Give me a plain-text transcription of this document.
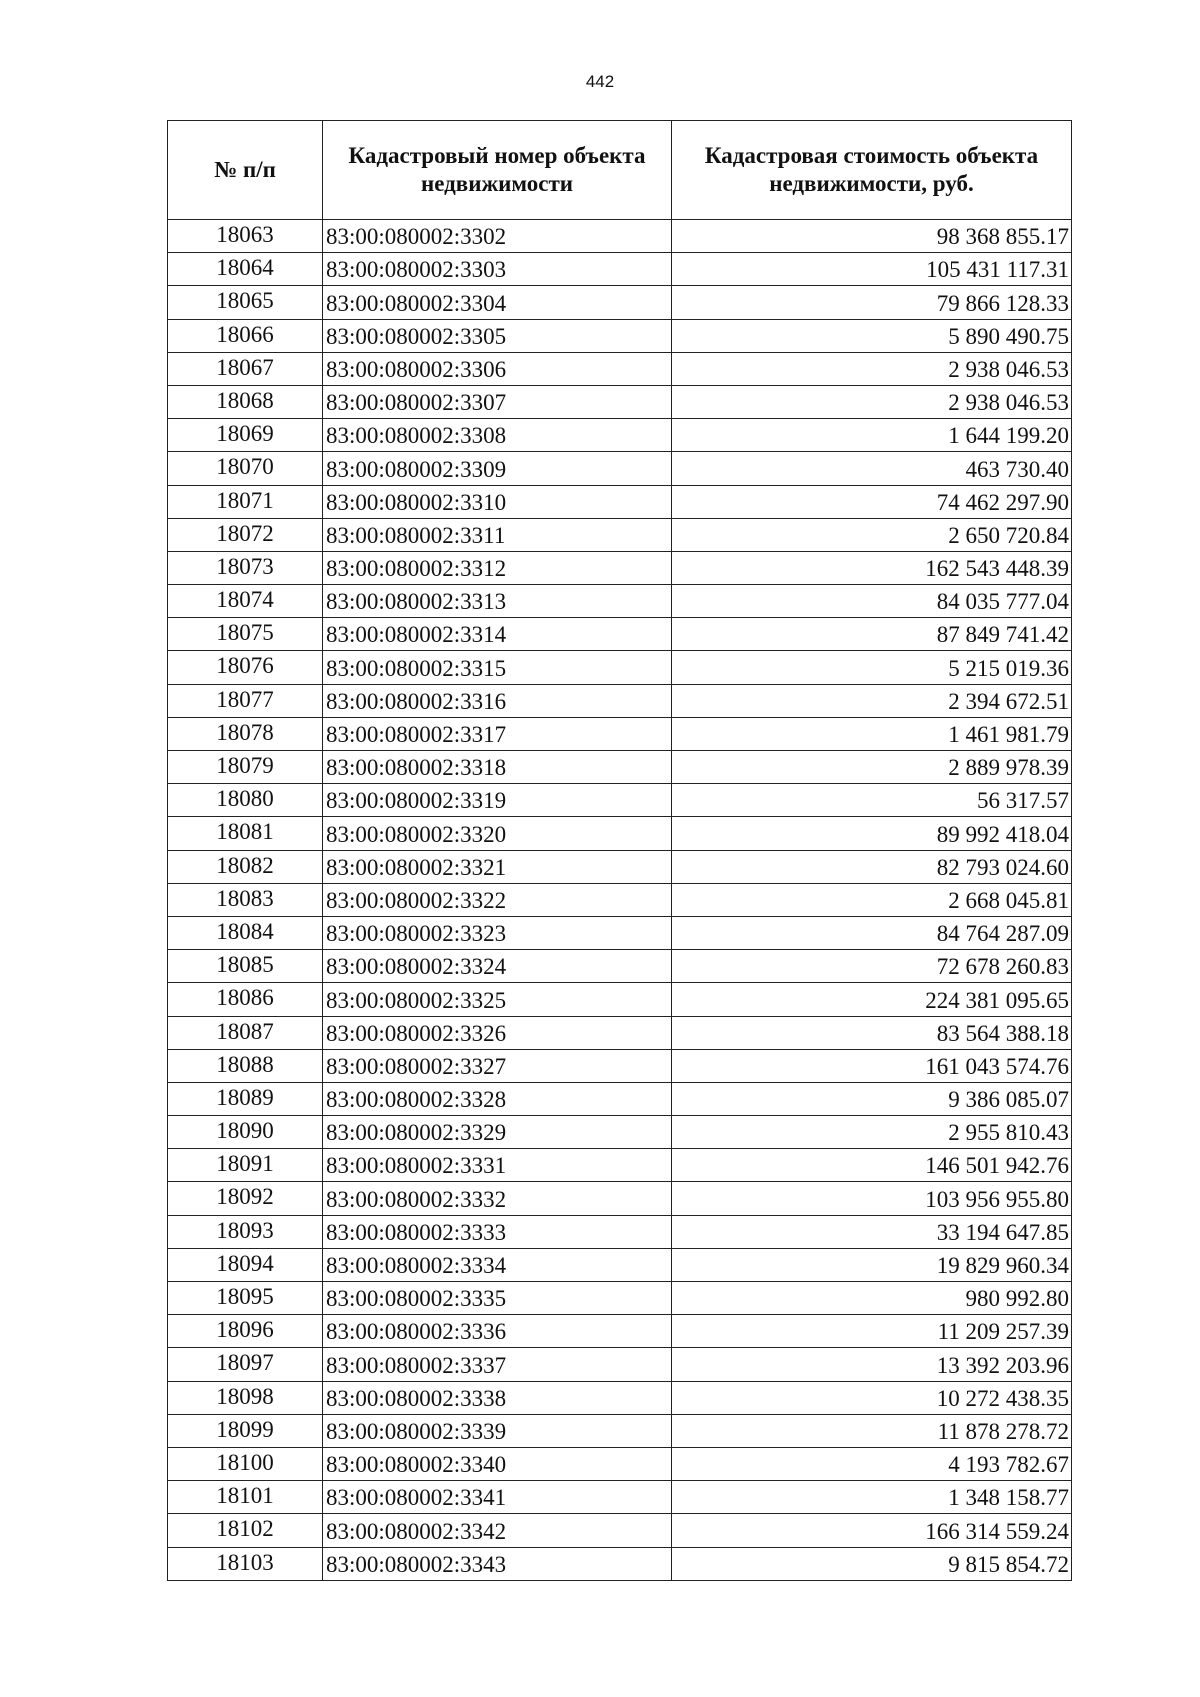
442
№ п/п	Кадастровый номер объекта недвижимости	Кадастровая стоимость объекта недвижимости, руб.
18063	83:00:080002:3302	98 368 855.17
18064	83:00:080002:3303	105 431 117.31
18065	83:00:080002:3304	79 866 128.33
18066	83:00:080002:3305	5 890 490.75
18067	83:00:080002:3306	2 938 046.53
18068	83:00:080002:3307	2 938 046.53
18069	83:00:080002:3308	1 644 199.20
18070	83:00:080002:3309	463 730.40
18071	83:00:080002:3310	74 462 297.90
18072	83:00:080002:3311	2 650 720.84
18073	83:00:080002:3312	162 543 448.39
18074	83:00:080002:3313	84 035 777.04
18075	83:00:080002:3314	87 849 741.42
18076	83:00:080002:3315	5 215 019.36
18077	83:00:080002:3316	2 394 672.51
18078	83:00:080002:3317	1 461 981.79
18079	83:00:080002:3318	2 889 978.39
18080	83:00:080002:3319	56 317.57
18081	83:00:080002:3320	89 992 418.04
18082	83:00:080002:3321	82 793 024.60
18083	83:00:080002:3322	2 668 045.81
18084	83:00:080002:3323	84 764 287.09
18085	83:00:080002:3324	72 678 260.83
18086	83:00:080002:3325	224 381 095.65
18087	83:00:080002:3326	83 564 388.18
18088	83:00:080002:3327	161 043 574.76
18089	83:00:080002:3328	9 386 085.07
18090	83:00:080002:3329	2 955 810.43
18091	83:00:080002:3331	146 501 942.76
18092	83:00:080002:3332	103 956 955.80
18093	83:00:080002:3333	33 194 647.85
18094	83:00:080002:3334	19 829 960.34
18095	83:00:080002:3335	980 992.80
18096	83:00:080002:3336	11 209 257.39
18097	83:00:080002:3337	13 392 203.96
18098	83:00:080002:3338	10 272 438.35
18099	83:00:080002:3339	11 878 278.72
18100	83:00:080002:3340	4 193 782.67
18101	83:00:080002:3341	1 348 158.77
18102	83:00:080002:3342	166 314 559.24
18103	83:00:080002:3343	9 815 854.72
